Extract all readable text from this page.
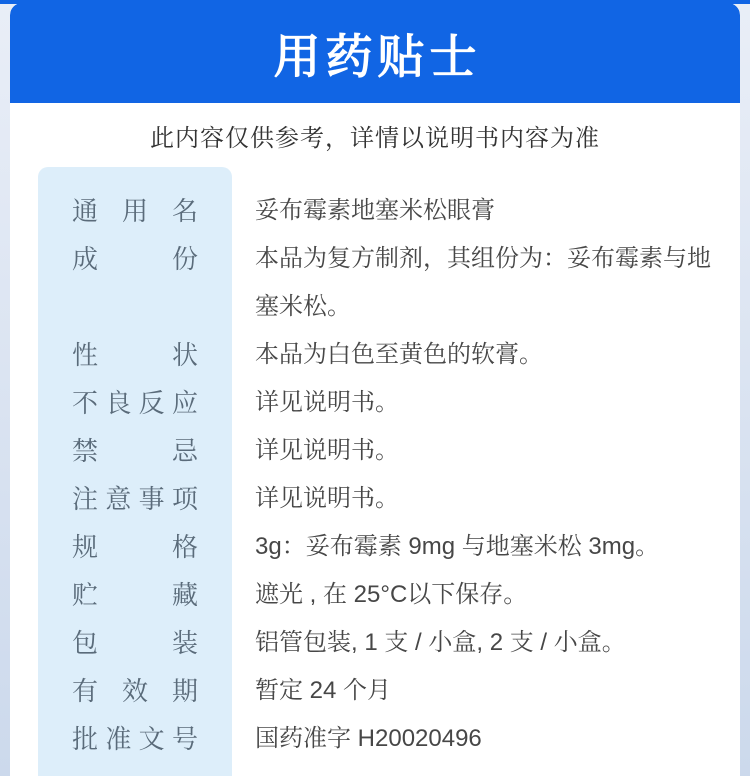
用药贴士
此内容仅供参考，详情以说明书内容为准
通用名	妥布霉素地塞米松眼膏
成份	本品为复方制剂，其组份为：妥布霉素与地塞米松。
性状	本品为白色至黄色的软膏。
不良反应	详见说明书。
禁忌	详见说明书。
注意事项	详见说明书。
规格	3g：妥布霉素 9mg 与地塞米松 3mg。
贮藏	遮光 , 在 25°C以下保存。
包装	铝管包装, 1 支 / 小盒, 2 支 / 小盒。
有效期	暂定 24 个月
批准文号	国药准字 H20020496
